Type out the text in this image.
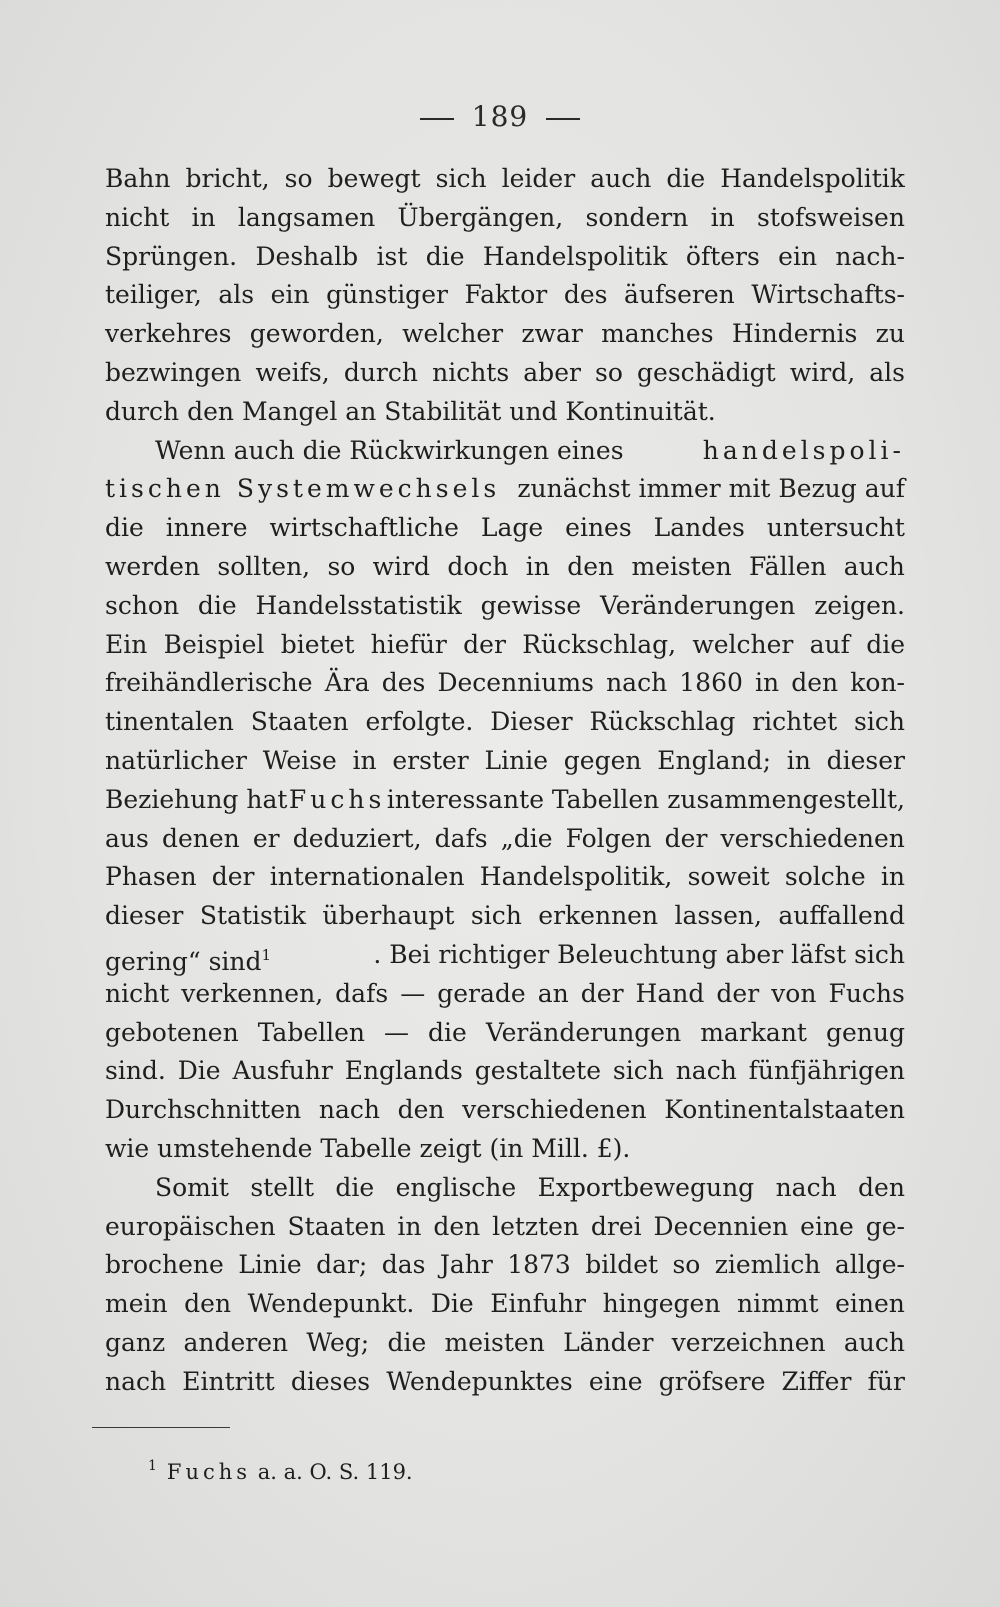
189
Bahn bricht, so bewegt sich leider auch die Handelspolitik
nicht in langsamen Übergängen, sondern in stofsweisen
Sprüngen. Deshalb ist die Handelspolitik öfters ein nach-
teiliger, als ein günstiger Faktor des äufseren Wirtschafts-
verkehres geworden, welcher zwar manches Hindernis zu
bezwingen weifs, durch nichts aber so geschädigt wird, als
durch den Mangel an Stabilität und Kontinuität.
Wenn auch die Rückwirkungen eines	handelspoli-
tischen Systemwechsels zunächst immer mit Bezug auf
die innere wirtschaftliche Lage eines Landes untersucht
werden sollten, so wird doch in den meisten Fällen auch
schon die Handelsstatistik gewisse Veränderungen zeigen.
Ein Beispiel bietet hiefür der Rückschlag, welcher auf die
freihändlerische Ära des Decenniums nach 1860 in den kon-
tinentalen Staaten erfolgte. Dieser Rückschlag richtet sich
natürlicher Weise in erster Linie gegen England; in dieser
Beziehung hat Fuchs interessante Tabellen zusammengestellt,
aus denen er deduziert, dafs „die Folgen der verschiedenen
Phasen der internationalen Handelspolitik, soweit solche in
dieser Statistik überhaupt sich erkennen lassen, auffallend
gering“ sind$^1$	. Bei richtiger Beleuchtung aber läfst sich
nicht verkennen, dafs — gerade an der Hand der von Fuchs
gebotenen Tabellen — die Veränderungen markant genug
sind. Die Ausfuhr Englands gestaltete sich nach fünfjährigen
Durchschnitten nach den verschiedenen Kontinentalstaaten
wie umstehende Tabelle zeigt (in Mill. £).
Somit stellt die englische Exportbewegung nach den
europäischen Staaten in den letzten drei Decennien eine ge-
brochene Linie dar; das Jahr 1873 bildet so ziemlich allge-
mein den Wendepunkt. Die Einfuhr hingegen nimmt einen
ganz anderen Weg; die meisten Länder verzeichnen auch
nach Eintritt dieses Wendepunktes eine gröfsere Ziffer für
$^1$ Fuchs a. a. O. S. 119.
